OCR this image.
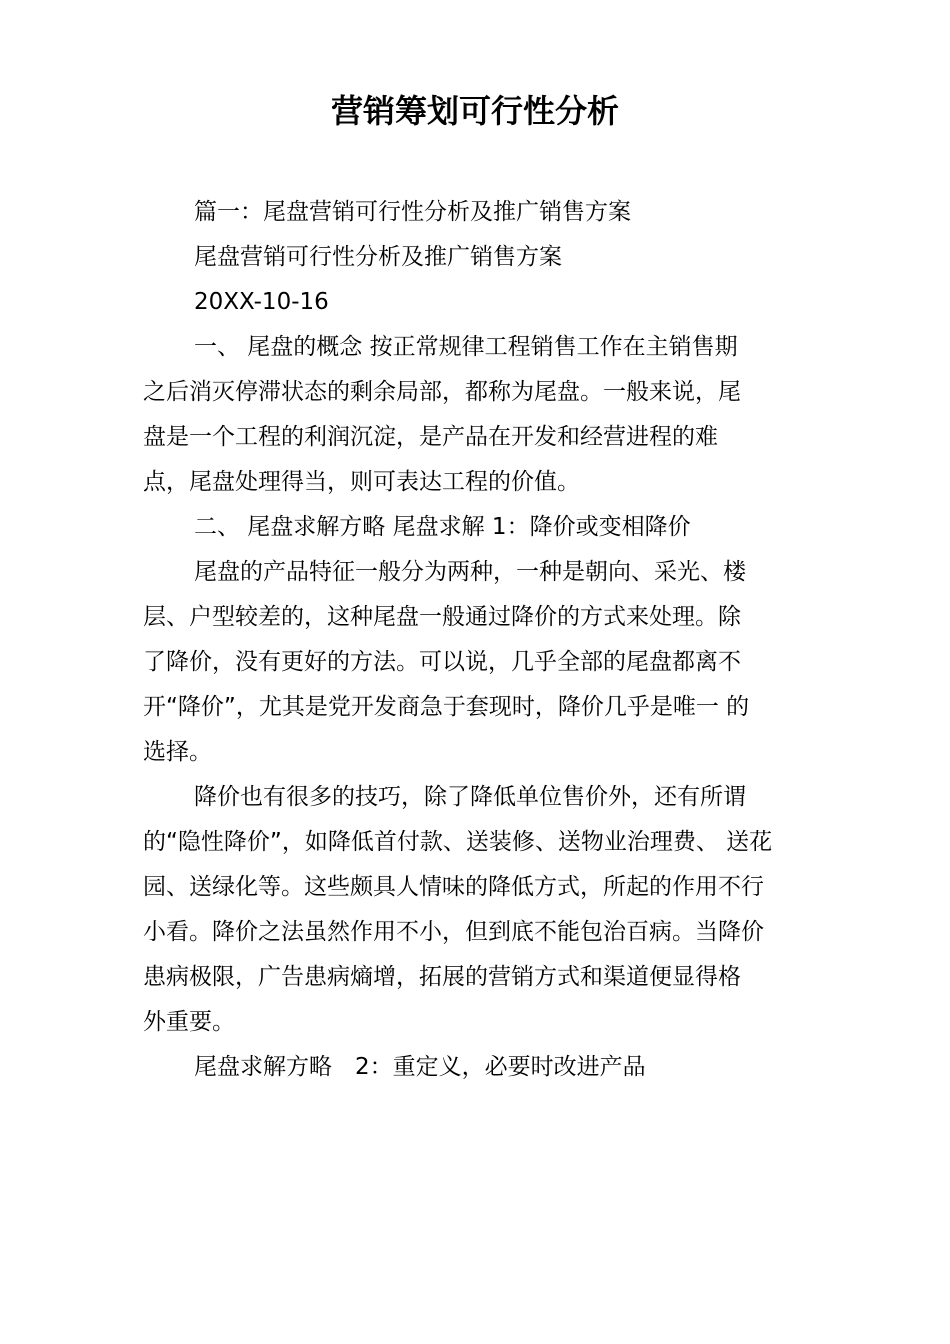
营销筹划可行性分析
篇一：尾盘营销可行性分析及推广销售方案
尾盘营销可行性分析及推广销售方案
20XX-10-16
一、 尾盘的概念 按正常规律工程销售工作在主销售期
之后消灭停滞状态的剩余局部，都称为尾盘。一般来说，尾
盘是一个工程的利润沉淀，是产品在开发和经营进程的难
点，尾盘处理得当，则可表达工程的价值。
二、 尾盘求解方略 尾盘求解 1：降价或变相降价
尾盘的产品特征一般分为两种，一种是朝向、采光、楼
层、户型较差的，这种尾盘一般通过降价的方式来处理。除
了降价，没有更好的方法。可以说，几乎全部的尾盘都离不
开“降价”，尤其是党开发商急于套现时，降价几乎是唯一 的
选择。
降价也有很多的技巧，除了降低单位售价外，还有所谓
的“隐性降价”，如降低首付款、送装修、送物业治理费、 送花
园、送绿化等。这些颇具人情味的降低方式，所起的作用不行
小看。降价之法虽然作用不小，但到底不能包治百病。当降价
患病极限，广告患病熵增，拓展的营销方式和渠道便显得格
外重要。
尾盘求解方略　2：重定义，必要时改进产品
